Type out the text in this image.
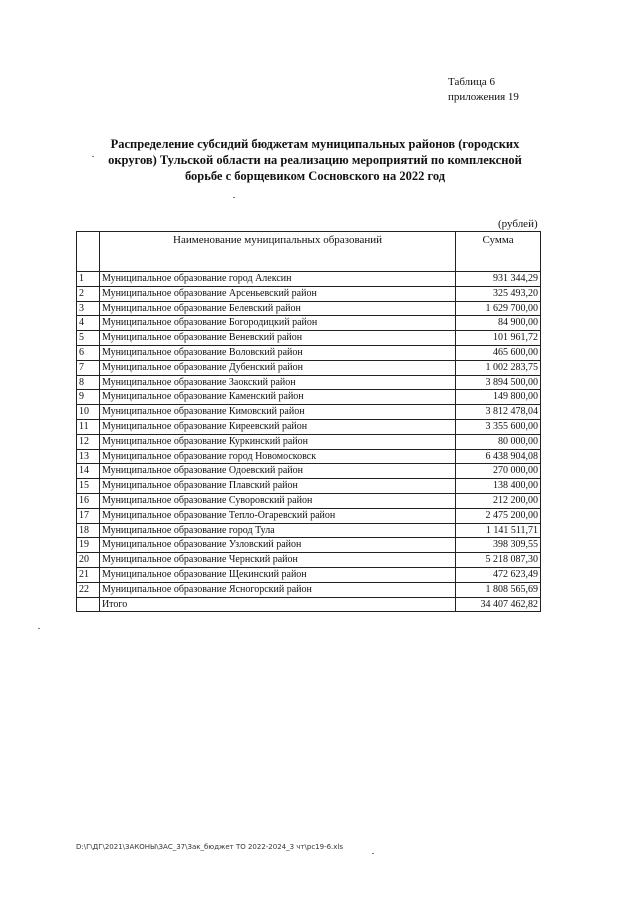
Таблица 6
приложения 19
Распределение субсидий бюджетам муниципальных районов (городских
округов) Тульской области на реализацию мероприятий по комплексной
борьбе с борщевиком Сосновского на 2022 год
(рублей)
	Наименование муниципальных образований	Сумма
1	Муниципальное образование город Алексин	931 344,29
2	Муниципальное образование Арсеньевский район	325 493,20
3	Муниципальное образование Белевский район	1 629 700,00
4	Муниципальное образование Богородицкий район	84 900,00
5	Муниципальное образование Веневский район	101 961,72
6	Муниципальное образование Воловский район	465 600,00
7	Муниципальное образование Дубенский район	1 002 283,75
8	Муниципальное образование Заокский район	3 894 500,00
9	Муниципальное образование Каменский район	149 800,00
10	Муниципальное образование Кимовский район	3 812 478,04
11	Муниципальное образование Киреевский район	3 355 600,00
12	Муниципальное образование Куркинский район	80 000,00
13	Муниципальное образование город Новомосковск	6 438 904,08
14	Муниципальное образование Одоевский район	270 000,00
15	Муниципальное образование Плавский район	138 400,00
16	Муниципальное образование Суворовский район	212 200,00
17	Муниципальное образование Тепло-Огаревский район	2 475 200,00
18	Муниципальное образование город Тула	1 141 511,71
19	Муниципальное образование Узловский район	398 309,55
20	Муниципальное образование Чернский район	5 218 087,30
21	Муниципальное образование Щекинский район	472 623,49
22	Муниципальное образование Ясногорский район	1 808 565,69
	Итого	34 407 462,82
D:\Г\ДГ\2021\ЗАКОНЫ\ЗАС_37\Зак_бюджет ТО 2022-2024_3 чт\рс19-6.xls
